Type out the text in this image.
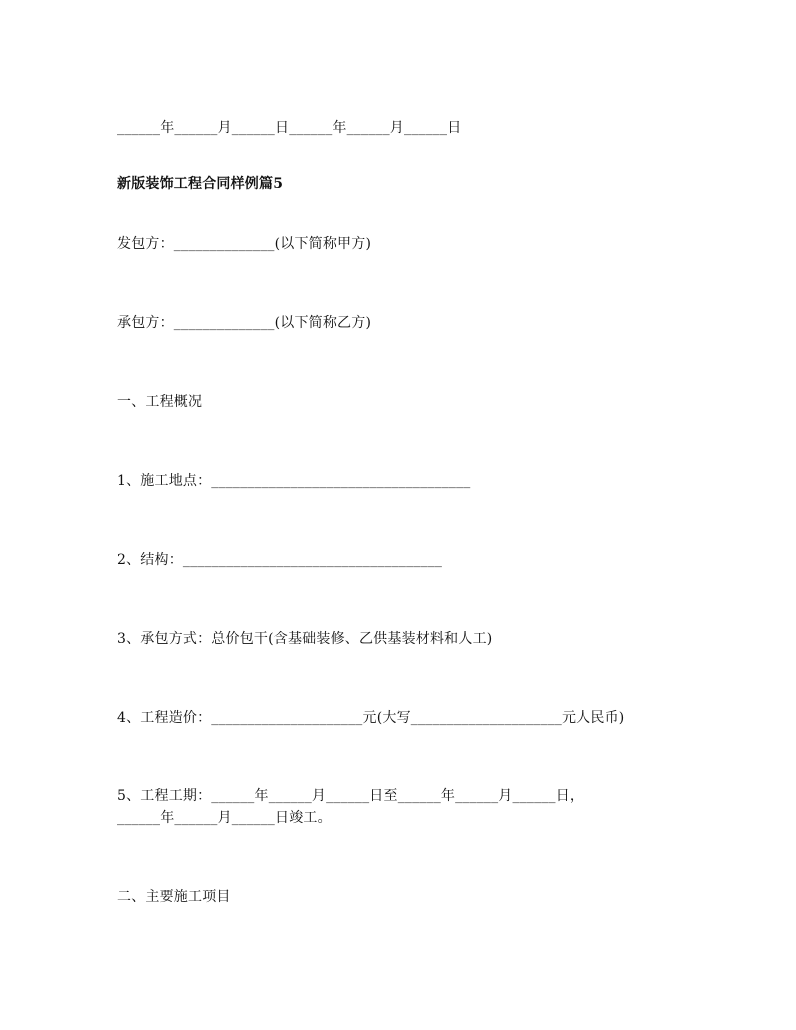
______年______月______日______年______月______日
新版装饰工程合同样例篇5
发包方：______________(以下简称甲方)
承包方：______________(以下简称乙方)
一、工程概况
1、施工地点：____________________________________
2、结构：____________________________________
3、承包方式：总价包干(含基础装修、乙供基装材料和人工)
4、工程造价：_____________________元(大写_____________________元人民币)
5、工程工期：______年______月______日至______年______月______日，
______年______月______日竣工。
二、主要施工项目
